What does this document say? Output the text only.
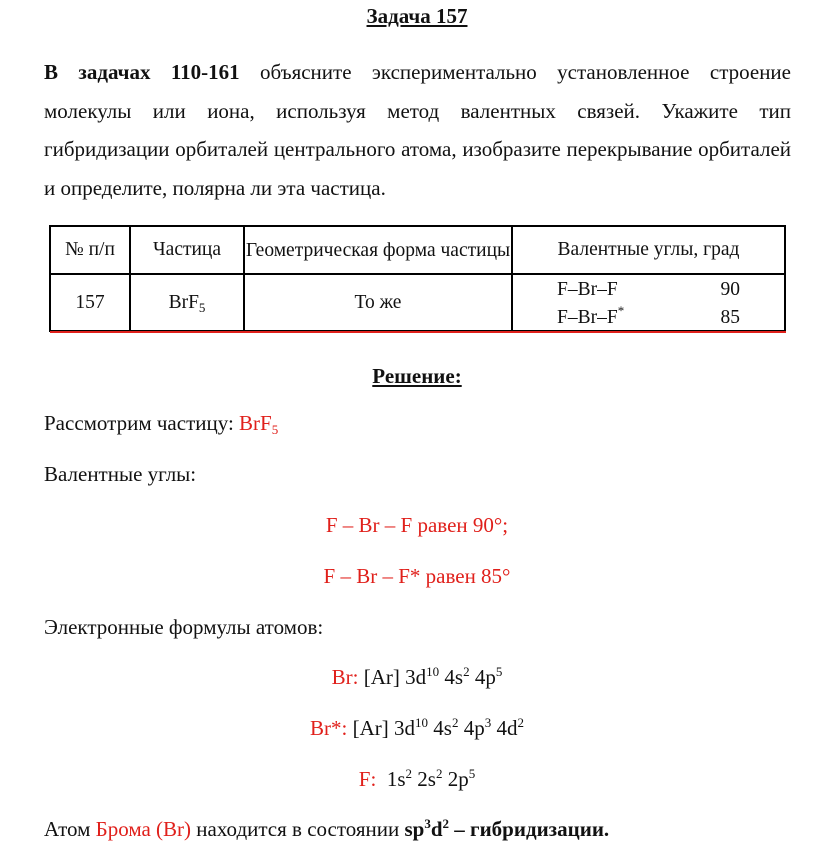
Задача 157
В задачах 110-161 объясните экспериментально установленное строение молекулы или иона, используя метод валентных связей. Укажите тип гибридизации орбиталей центрального атома, изобразите перекрывание орбиталей и определите, полярна ли эта частица.
№ п/п	Частица	Геометрическая форма частицы	Валентные углы, град
157	BrF$_5$	То же	F–Br–F 90
F–Br–F* 85
Решение:
Рассмотрим частицу: BrF$_5$
Валентные углы:
F – Br – F равен 90°;
F – Br – F* равен 85°
Электронные формулы атомов:
Br: [Ar] $3d^{10}$ $4s^2$ $4p^5$
Br*: [Ar] $3d^{10}$ $4s^2$ $4p^3$ $4d^2$
F: $1s^2$ $2s^2$ $2p^5$
Атом Брома (Br) находится в состоянии $sp^3d^2$ – гибридизации.
